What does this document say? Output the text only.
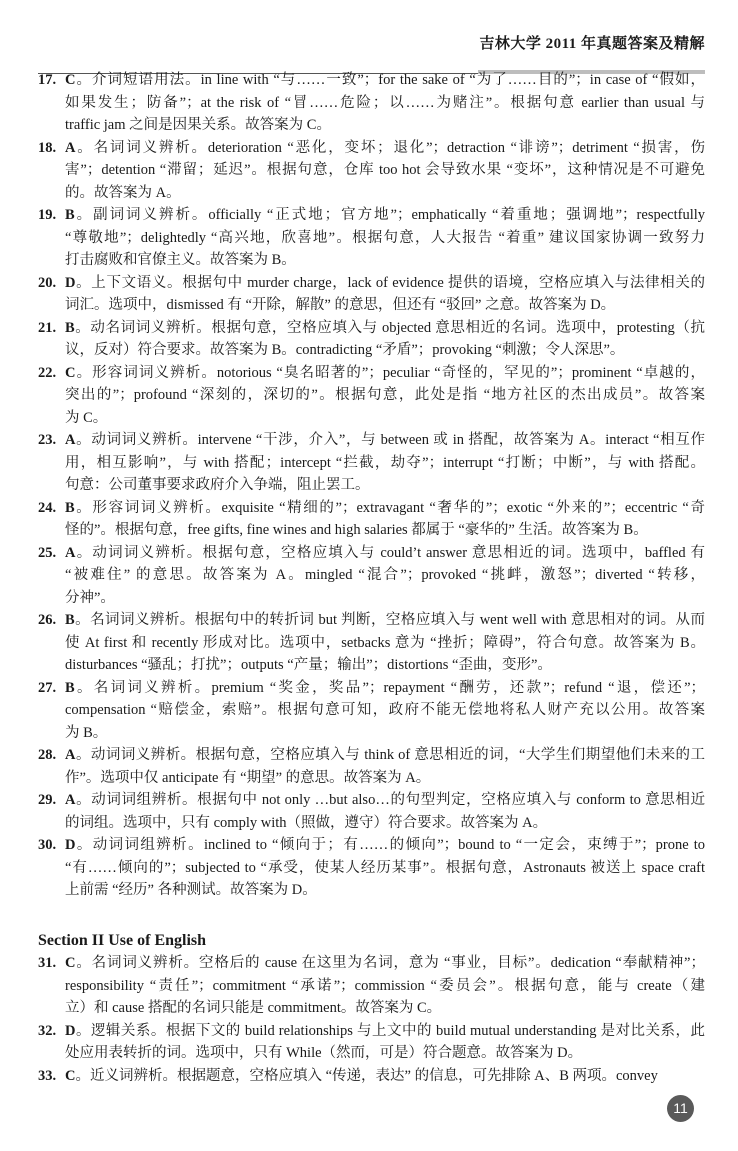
吉林大学 2011 年真题答案及精解
17. C。介词短语用法。in line with “与……一致”；for the sake of “为了……目的”；in case of “假如，
如果发生；防备”；at the risk of “冒……危险；以……为赌注”。根据句意 earlier than usual 与
traffic jam 之间是因果关系。故答案为 C。
18. A。名词词义辨析。deterioration “恶化，变坏；退化”；detraction “诽谤”；detriment “损害，伤
害”；detention “滞留；延迟”。根据句意，仓库 too hot 会导致水果 “变坏”，这种情况是不可避免
的。故答案为 A。
19. B。副词词义辨析。officially “正式地；官方地”；emphatically “着重地；强调地”；respectfully
“尊敬地”；delightedly “高兴地，欣喜地”。根据句意，人大报告 “着重” 建议国家协调一致努力
打击腐败和官僚主义。故答案为 B。
20. D。上下文语义。根据句中 murder charge，lack of evidence 提供的语境，空格应填入与法律相关的
词汇。选项中，dismissed 有 “开除，解散” 的意思，但还有 “驳回” 之意。故答案为 D。
21. B。动名词词义辨析。根据句意，空格应填入与 objected 意思相近的名词。选项中，protesting（抗
议，反对）符合要求。故答案为 B。contradicting “矛盾”；provoking “刺激；令人深思”。
22. C。形容词词义辨析。notorious “臭名昭著的”；peculiar “奇怪的，罕见的”；prominent “卓越的，
突出的”；profound “深刻的，深切的”。根据句意，此处是指 “地方社区的杰出成员”。故答案
为 C。
23. A。动词词义辨析。intervene “干涉，介入”，与 between 或 in 搭配，故答案为 A。interact “相互作
用，相互影响”，与 with 搭配；intercept “拦截，劫夺”；interrupt “打断；中断”，与 with 搭配。
句意：公司董事要求政府介入争端，阻止罢工。
24. B。形容词词义辨析。exquisite “精细的”；extravagant “奢华的”；exotic “外来的”；eccentric “奇
怪的”。根据句意，free gifts, fine wines and high salaries 都属于 “豪华的” 生活。故答案为 B。
25. A。动词词义辨析。根据句意，空格应填入与 could’t answer 意思相近的词。选项中，baffled 有
“被难住” 的意思。故答案为 A。mingled “混合”；provoked “挑衅，激怒”；diverted “转移，
分神”。
26. B。名词词义辨析。根据句中的转折词 but 判断，空格应填入与 went well with 意思相对的词。从而
使 At first 和 recently 形成对比。选项中，setbacks 意为 “挫折；障碍”，符合句意。故答案为 B。
disturbances “骚乱；打扰”；outputs “产量；输出”；distortions “歪曲，变形”。
27. B。名词词义辨析。premium “奖金，奖品”；repayment “酬劳，还款”；refund “退，偿还”；
compensation “赔偿金，索赔”。根据句意可知，政府不能无偿地将私人财产充以公用。故答案
为 B。
28. A。动词词义辨析。根据句意，空格应填入与 think of 意思相近的词，“大学生们期望他们未来的工
作”。选项中仅 anticipate 有 “期望” 的意思。故答案为 A。
29. A。动词词组辨析。根据句中 not only …but also…的句型判定，空格应填入与 conform to 意思相近
的词组。选项中，只有 comply with（照做，遵守）符合要求。故答案为 A。
30. D。动词词组辨析。inclined to “倾向于；有……的倾向”；bound to “一定会，束缚于”；prone to
“有……倾向的”；subjected to “承受，使某人经历某事”。根据句意，Astronauts 被送上 space craft
上前需 “经历” 各种测试。故答案为 D。
Section II Use of English
31. C。名词词义辨析。空格后的 cause 在这里为名词，意为 “事业，目标”。dedication “奉献精神”；
responsibility “责任”；commitment “承诺”；commission “委员会”。根据句意，能与 create（建
立）和 cause 搭配的名词只能是 commitment。故答案为 C。
32. D。逻辑关系。根据下文的 build relationships 与上文中的 build mutual understanding 是对比关系，此
处应用表转折的词。选项中，只有 While（然而，可是）符合题意。故答案为 D。
33. C。近义词辨析。根据题意，空格应填入 “传递，表达” 的信息，可先排除 A、B 两项。convey
11
